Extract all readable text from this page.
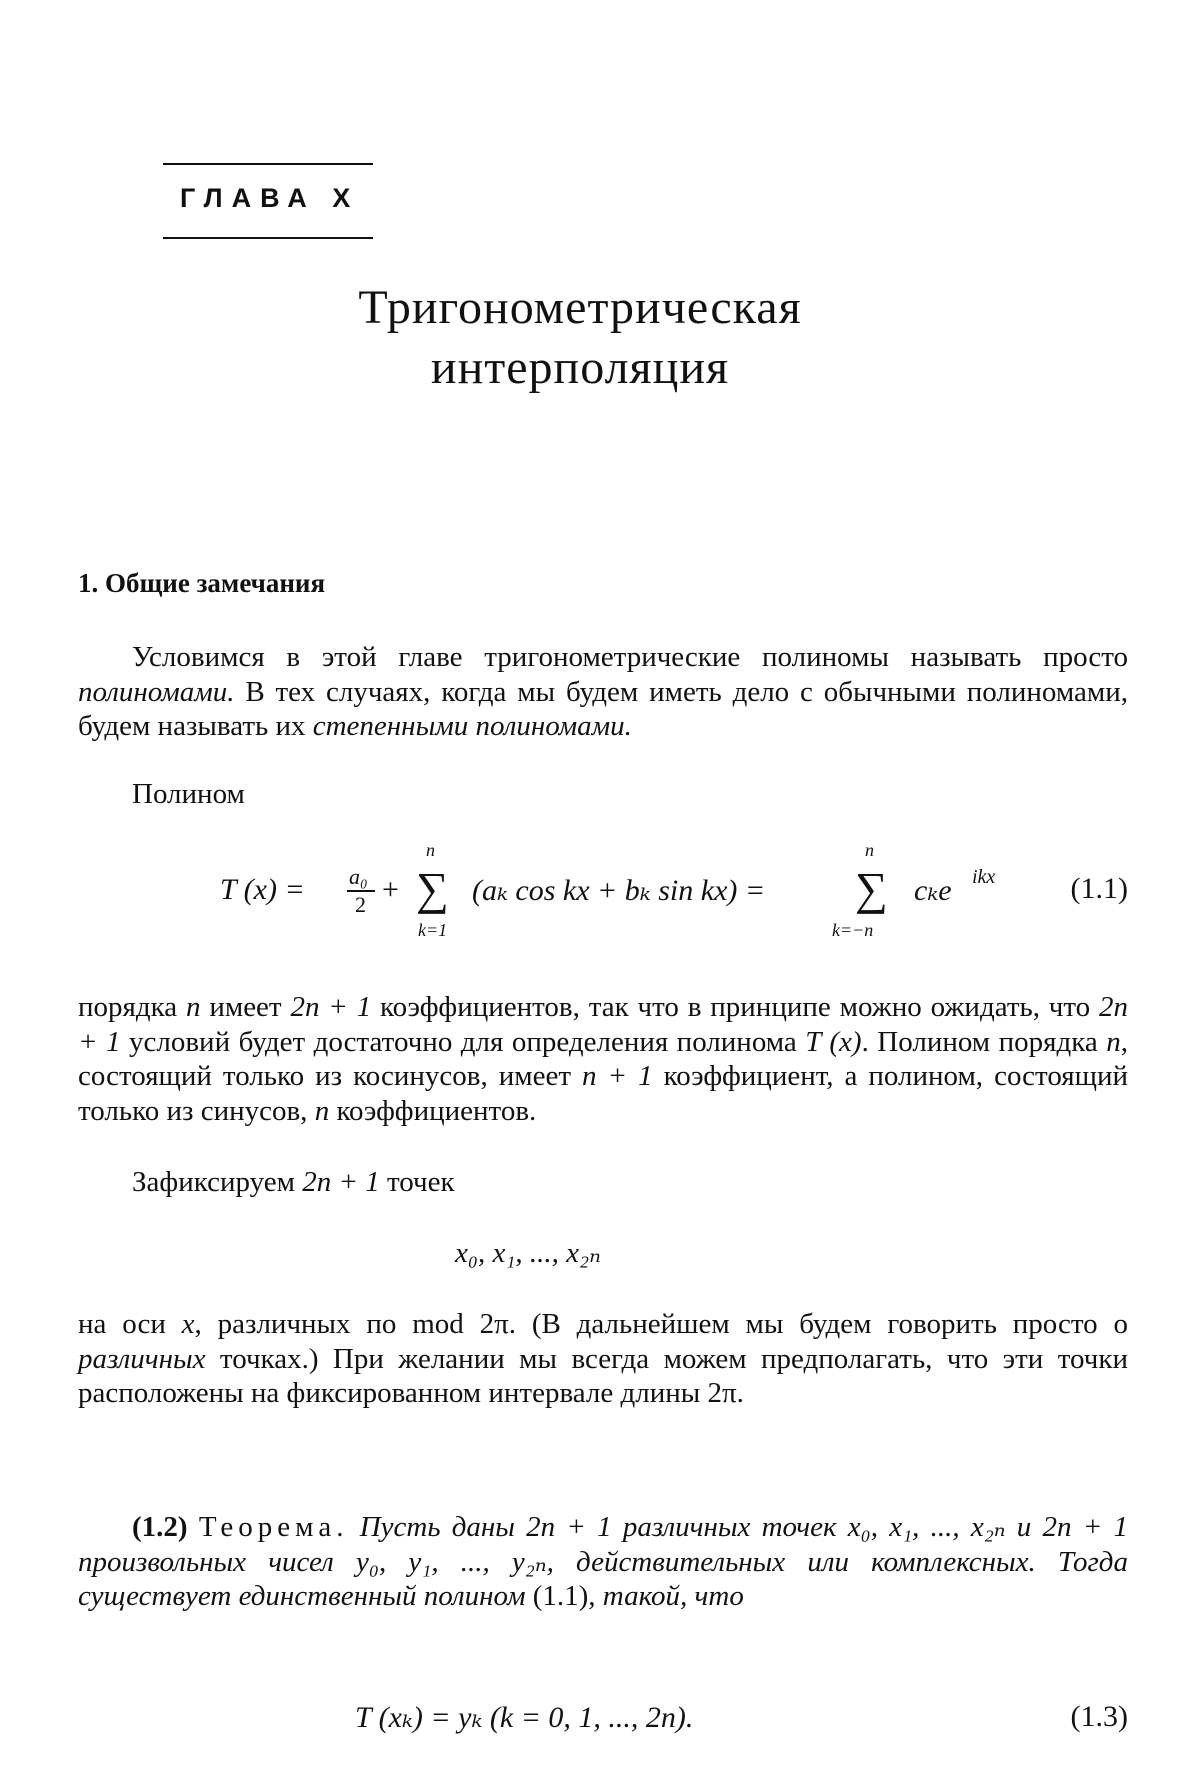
ГЛАВА X
Тригонометрическая
интерполяция
1. Общие замечания
Условимся в этой главе тригонометрические полиномы называть просто полиномами. В тех случаях, когда мы будем иметь дело с обычными полиномами, будем называть их степенными полиномами.
Полином
T (x) = a₀
2 +
n
∑
k=1
(aₖ cos kx + bₖ sin kx) =
n
∑
k=−n
cₖe ikx	(1.1)
порядка n имеет 2n + 1 коэффициентов, так что в принципе можно ожидать, что 2n + 1 условий будет достаточно для определения полинома T (x). Полином порядка n, состоящий только из косинусов, имеет n + 1 коэффициент, а полином, состоящий только из синусов, n коэффициентов.
Зафиксируем 2n + 1 точек
x₀, x₁, ..., x₂ₙ
на оси x, различных по mod 2π. (В дальнейшем мы будем говорить просто о различных точках.) При желании мы всегда можем предполагать, что эти точки расположены на фиксированном интервале длины 2π.
(1.2) Теорема. Пусть даны 2n + 1 различных точек x₀, x₁, ..., x₂ₙ и 2n + 1 произвольных чисел y₀, y₁, ..., y₂ₙ, действительных или комплексных. Тогда существует единственный полином (1.1), такой, что
T (xₖ) = yₖ (k = 0, 1, ..., 2n).	(1.3)
